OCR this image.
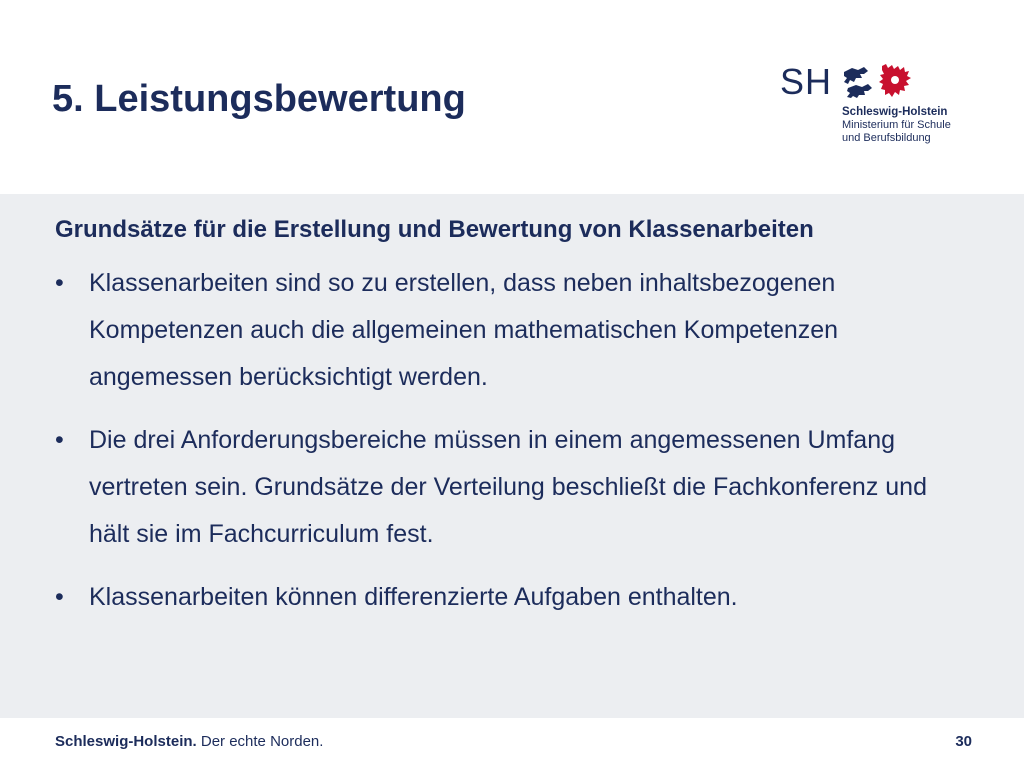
5. Leistungsbewertung	SH
Schleswig-Holstein
Ministerium für Schule
und Berufsbildung
Grundsätze für die Erstellung und Bewertung von Klassenarbeiten
• Klassenarbeiten sind so zu erstellen, dass neben inhaltsbezogenen Kompetenzen auch die allgemeinen mathematischen Kompetenzen angemessen berücksichtigt werden.
• Die drei Anforderungsbereiche müssen in einem angemessenen Umfang vertreten sein. Grundsätze der Verteilung beschließt die Fachkonferenz und hält sie im Fachcurriculum fest.
• Klassenarbeiten können differenzierte Aufgaben enthalten.
Schleswig-Holstein. Der echte Norden.	30
